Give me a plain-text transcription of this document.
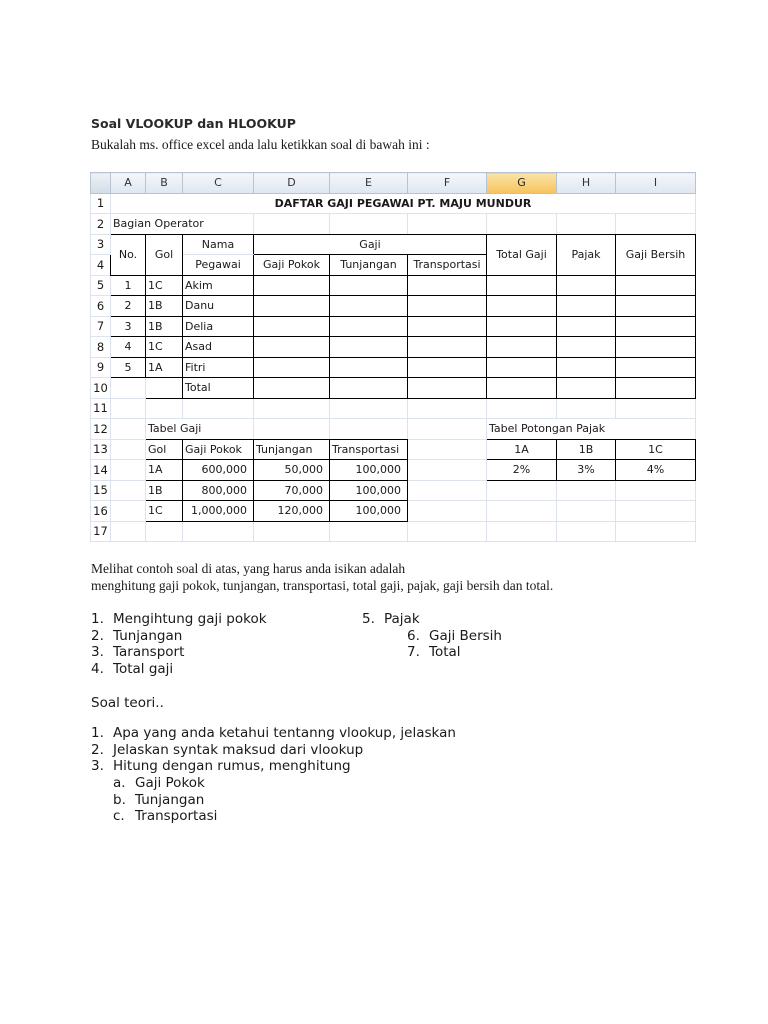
Soal VLOOKUP dan HLOOKUP
Bukalah ms. office excel anda lalu ketikkan soal di bawah ini :
	A	B	C	D	E	F	G	H	I
1	DAFTAR GAJI PEGAWAI PT. MAJU MUNDUR								
2	Bagian Operator								
3	No.	Gol	Nama	Gaji			Total Gaji	Pajak	Gaji Bersih
4			Pegawai	Gaji Pokok	Tunjangan	Transportasi			
5	1	1C	Akim						
6	2	1B	Danu						
7	3	1B	Delia						
8	4	1C	Asad						
9	5	1A	Fitri						
10			Total						
11									
12		Tabel Gaji					Tabel Potongan Pajak		
13		Gol	Gaji Pokok	Tunjangan	Transportasi		1A	1B	1C
14		1A	600,000	50,000	100,000		2%	3%	4%
15		1B	800,000	70,000	100,000				
16		1C	1,000,000	120,000	100,000				
17									
Melihat contoh soal di atas, yang harus anda isikan adalah
menghitung gaji pokok, tunjangan, transportasi, total gaji, pajak, gaji bersih dan total.
1. Mengihtung gaji pokok
2. Tunjangan
3. Taransport
4. Total gaji
5. Pajak
6. Gaji Bersih
7. Total
Soal teori..
1. Apa yang anda ketahui tentanng vlookup, jelaskan
2. Jelaskan syntak maksud dari vlookup
3. Hitung dengan rumus, menghitung
a. Gaji Pokok
b. Tunjangan
c. Transportasi
